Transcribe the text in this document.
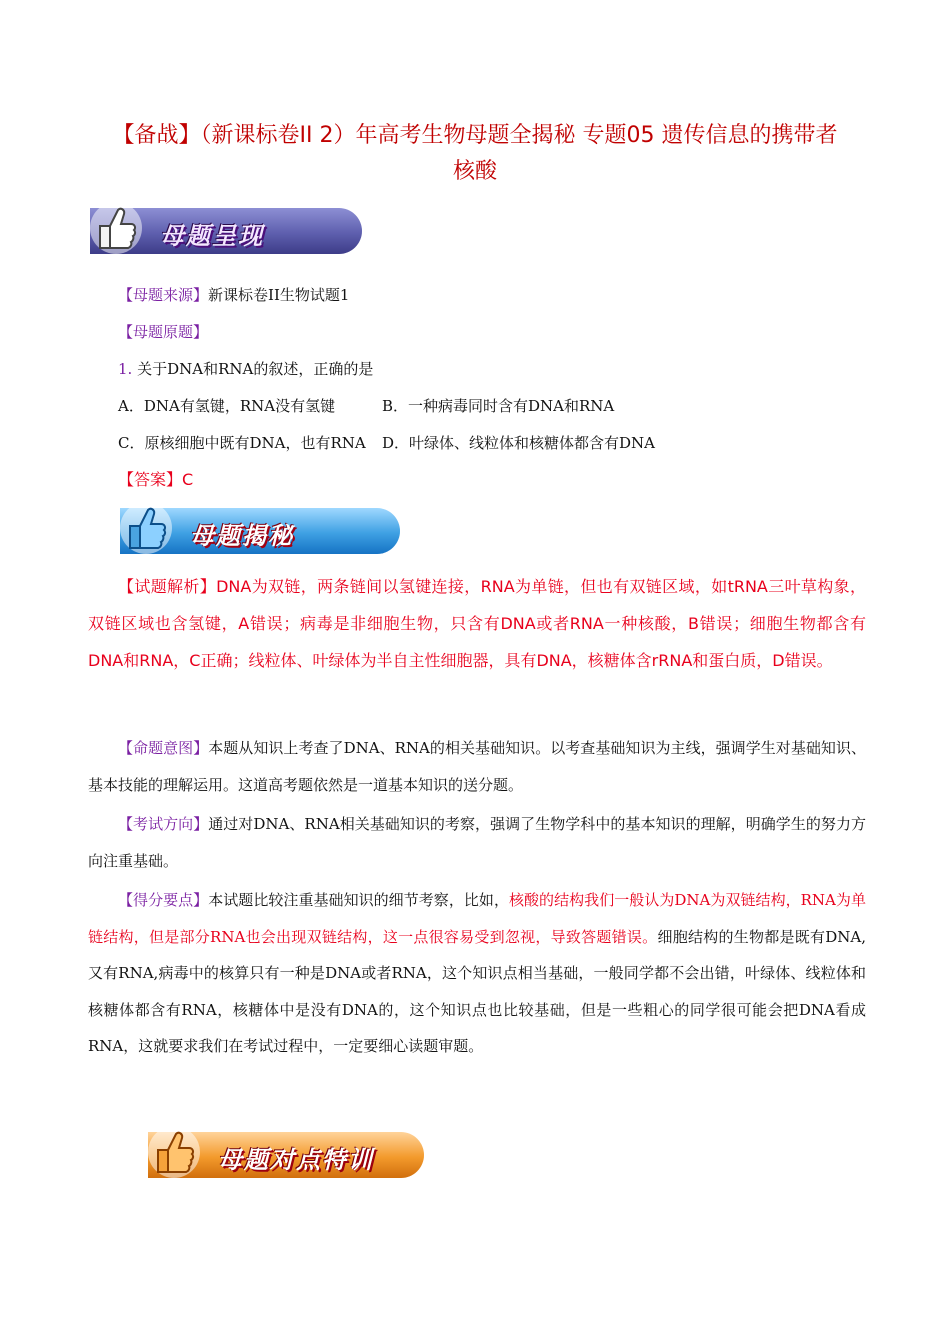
【备战】（新课标卷II 2）年高考生物母题全揭秘 专题05 遗传信息的携带者
核酸
母题呈现
【母题来源】新课标卷II生物试题1
【母题原题】
1. 关于DNA和RNA的叙述，正确的是
A．DNA有氢键，RNA没有氢键	B．一种病毒同时含有DNA和RNA
C．原核细胞中既有DNA，也有RNA D．叶绿体、线粒体和核糖体都含有DNA
【答案】C
母题揭秘
【试题解析】DNA为双链，两条链间以氢键连接，RNA为单链，但也有双链区域，如tRNA三叶草构象，双链区域也含氢键，A错误；病毒是非细胞生物，只含有DNA或者RNA一种核酸，B错误；细胞生物都含有DNA和RNA，C正确；线粒体、叶绿体为半自主性细胞器，具有DNA，核糖体含rRNA和蛋白质，D错误。
【命题意图】本题从知识上考查了DNA、RNA的相关基础知识。以考查基础知识为主线，强调学生对基础知识、基本技能的理解运用。这道高考题依然是一道基本知识的送分题。
【考试方向】通过对DNA、RNA相关基础知识的考察，强调了生物学科中的基本知识的理解，明确学生的努力方向注重基础。
【得分要点】本试题比较注重基础知识的细节考察，比如，核酸的结构我们一般认为DNA为双链结构，RNA为单链结构，但是部分RNA也会出现双链结构，这一点很容易受到忽视，导致答题错误。细胞结构的生物都是既有DNA,又有RNA,病毒中的核算只有一种是DNA或者RNA，这个知识点相当基础，一般同学都不会出错，叶绿体、线粒体和核糖体都含有RNA，核糖体中是没有DNA的，这个知识点也比较基础，但是一些粗心的同学很可能会把DNA看成RNA，这就要求我们在考试过程中，一定要细心读题审题。
母题对点特训
